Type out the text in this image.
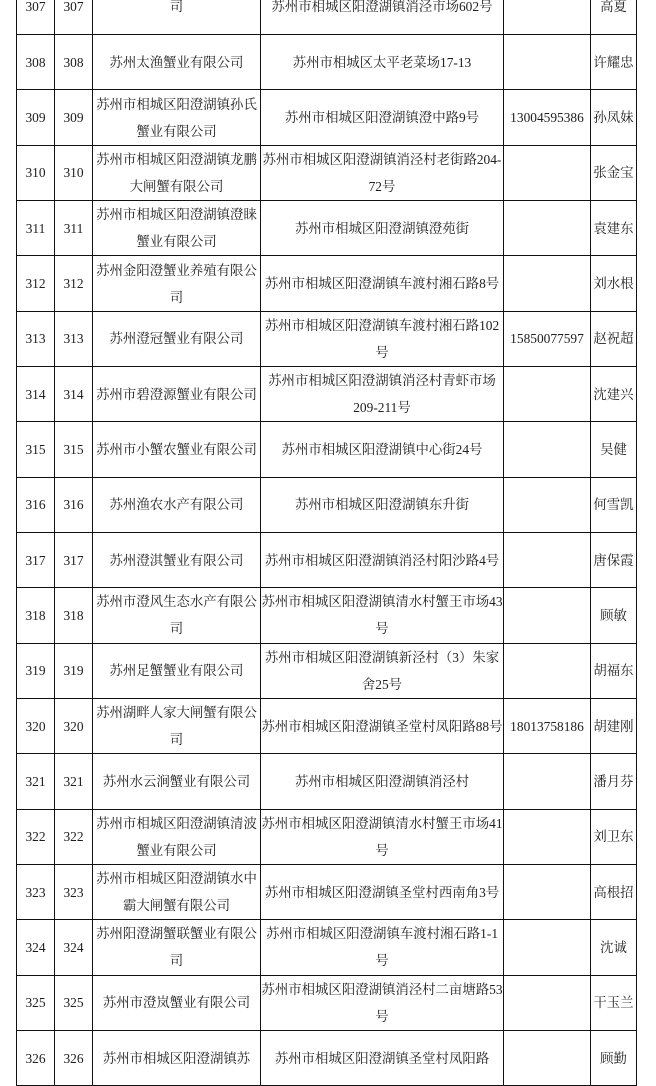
307	307	司	苏州市相城区阳澄湖镇消泾市场602号		高夏
308	308	苏州太渔蟹业有限公司	苏州市相城区太平老菜场17-13		许耀忠
309	309	苏州市相城区阳澄湖镇孙氏蟹业有限公司	苏州市相城区阳澄湖镇澄中路9号	13004595386	孙凤妹
310	310	苏州市相城区阳澄湖镇龙鹏大闸蟹有限公司	苏州市相城区阳澄湖镇消泾村老街路204-72号		张金宝
311	311	苏州市相城区阳澄湖镇澄睐蟹业有限公司	苏州市相城区阳澄湖镇澄苑街		袁建东
312	312	苏州金阳澄蟹业养殖有限公司	苏州市相城区阳澄湖镇车渡村湘石路8号		刘水根
313	313	苏州澄冠蟹业有限公司	苏州市相城区阳澄湖镇车渡村湘石路102号	15850077597	赵祝超
314	314	苏州市碧澄源蟹业有限公司	苏州市相城区阳澄湖镇消泾村青虾市场209-211号		沈建兴
315	315	苏州市小蟹农蟹业有限公司	苏州市相城区阳澄湖镇中心街24号		吴健
316	316	苏州渔农水产有限公司	苏州市相城区阳澄湖镇东升街		何雪凯
317	317	苏州澄淇蟹业有限公司	苏州市相城区阳澄湖镇消泾村阳沙路4号		唐保霞
318	318	苏州市澄风生态水产有限公司	苏州市相城区阳澄湖镇清水村蟹王市场43号		顾敏
319	319	苏州足蟹蟹业有限公司	苏州市相城区阳澄湖镇新泾村（3）朱家舍25号		胡福东
320	320	苏州湖畔人家大闸蟹有限公司	苏州市相城区阳澄湖镇圣堂村凤阳路88号	18013758186	胡建刚
321	321	苏州水云涧蟹业有限公司	苏州市相城区阳澄湖镇消泾村		潘月芬
322	322	苏州市相城区阳澄湖镇清波蟹业有限公司	苏州市相城区阳澄湖镇清水村蟹王市场41号		刘卫东
323	323	苏州市相城区阳澄湖镇水中霸大闸蟹有限公司	苏州市相城区阳澄湖镇圣堂村西南角3号		高根招
324	324	苏州阳澄湖蟹联蟹业有限公司	苏州市相城区阳澄湖镇车渡村湘石路1-1号		沈诚
325	325	苏州市澄岚蟹业有限公司	苏州市相城区阳澄湖镇消泾村二亩塘路53号		干玉兰
326	326	苏州市相城区阳澄湖镇苏	苏州市相城区阳澄湖镇圣堂村凤阳路		顾勤
